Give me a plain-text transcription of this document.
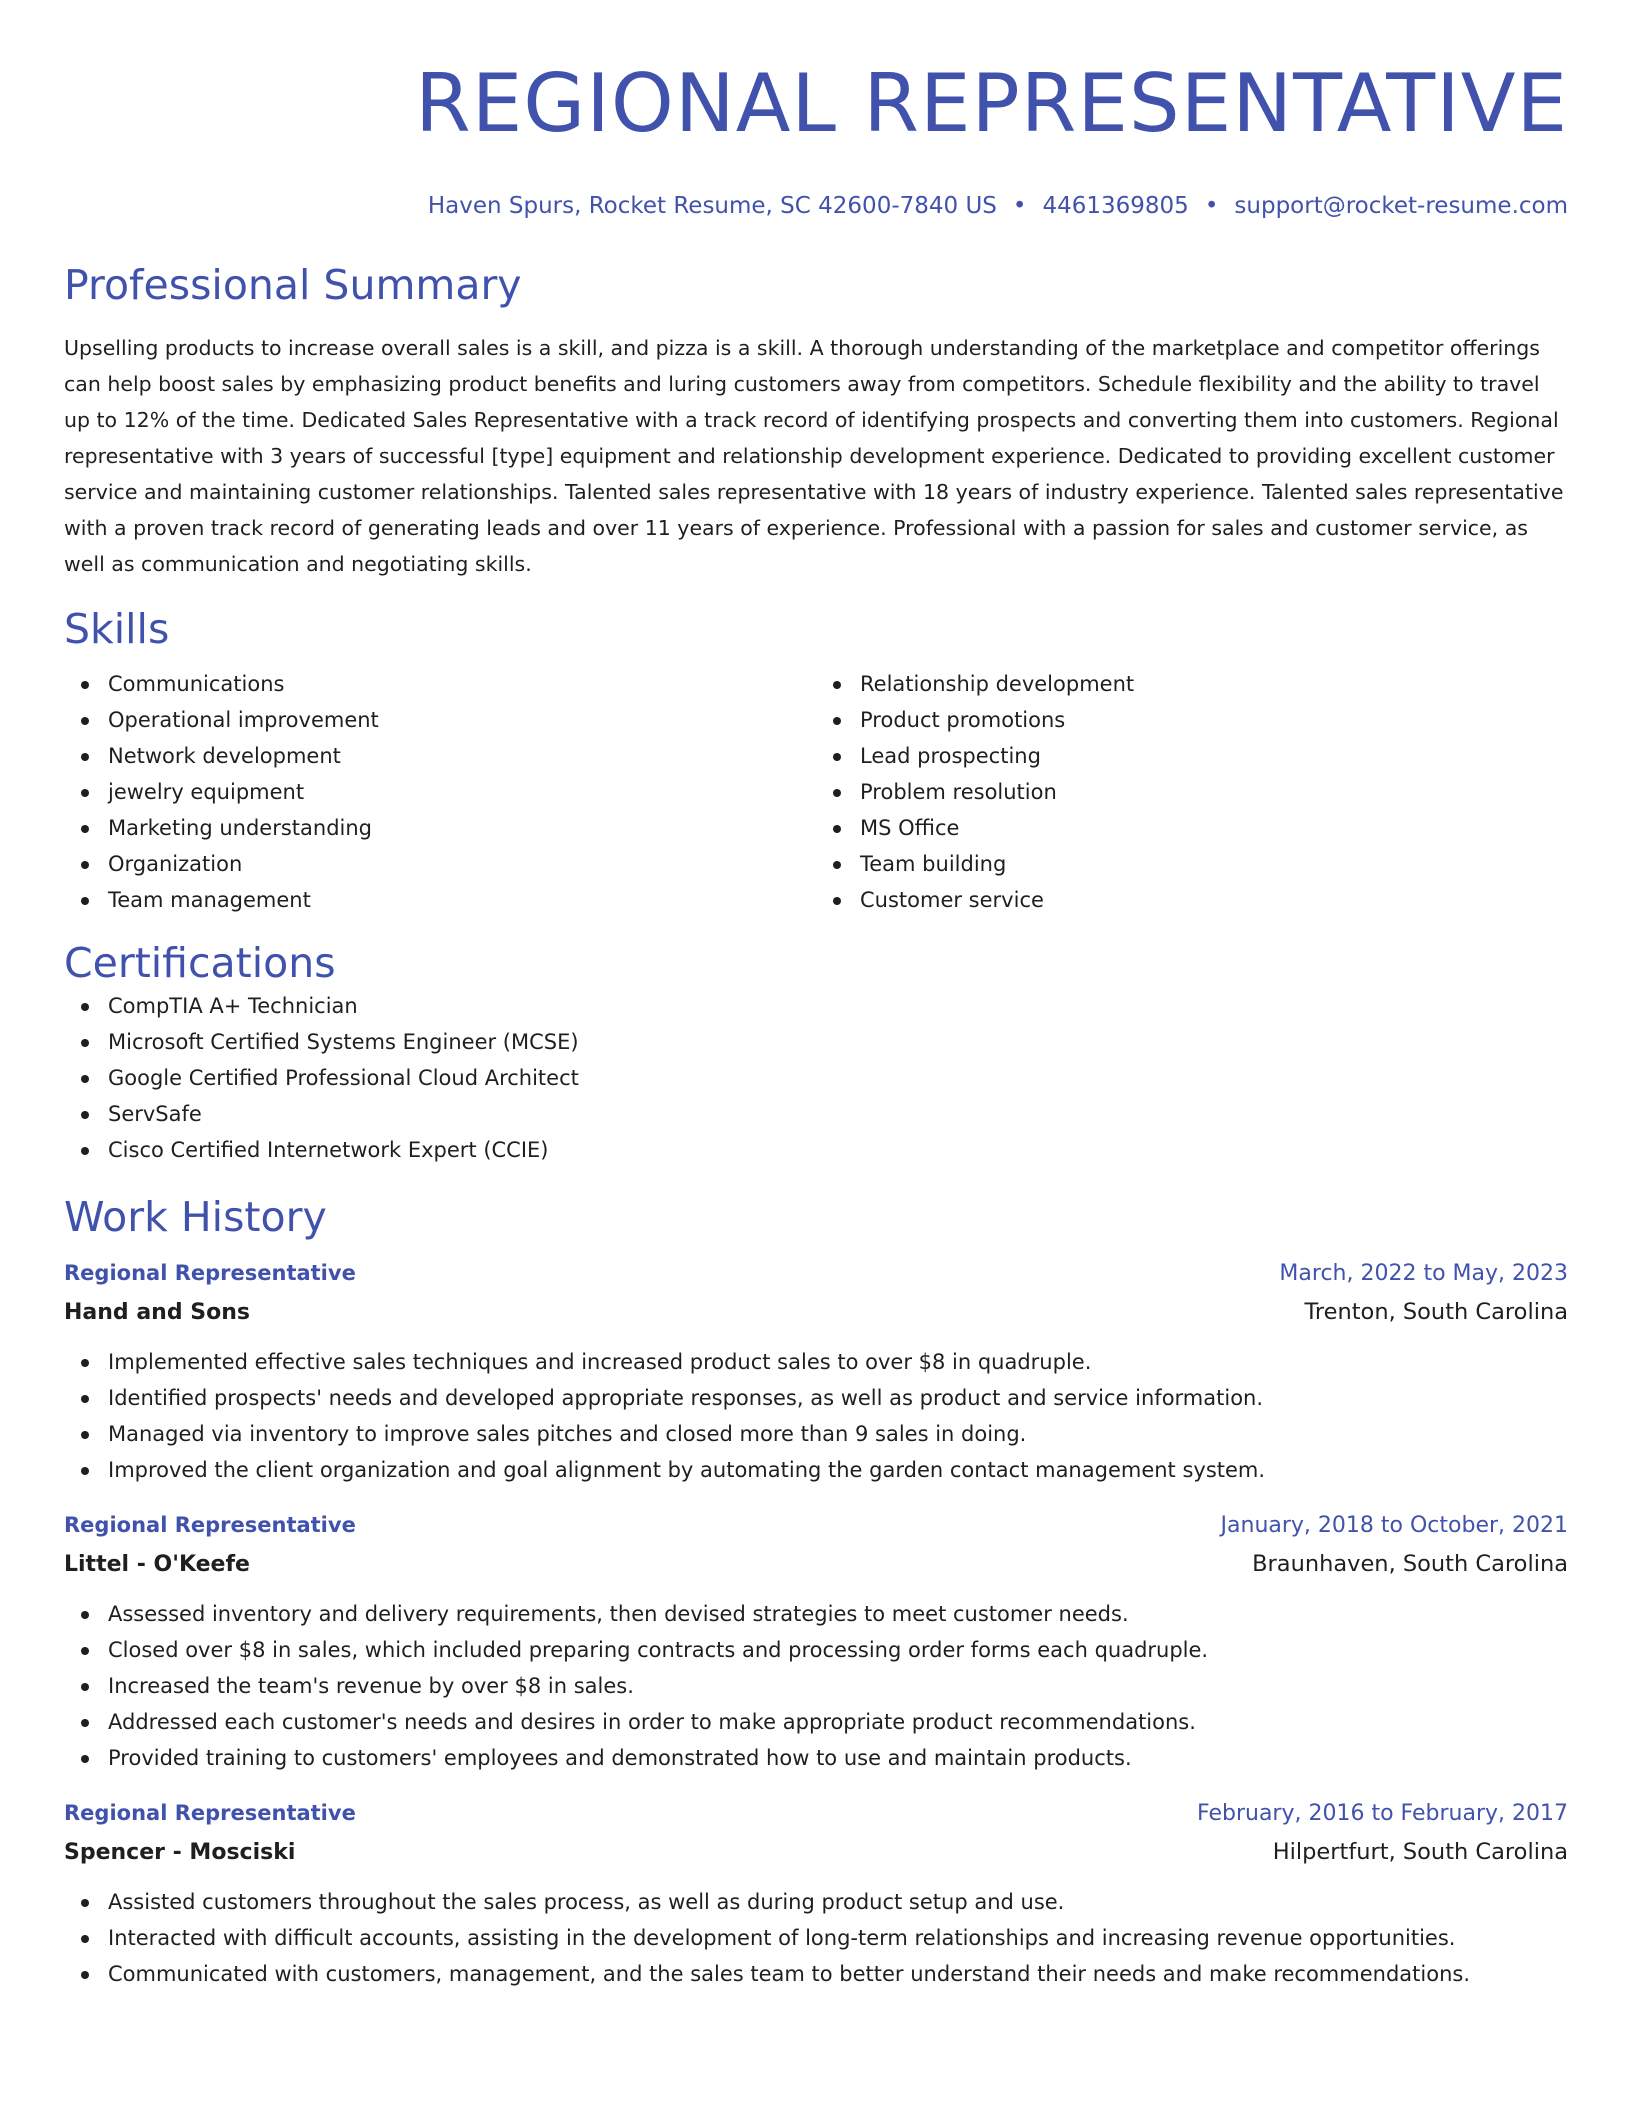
REGIONAL REPRESENTATIVE
Haven Spurs, Rocket Resume, SC 42600-7840 US • 4461369805 • support@rocket-resume.com
Professional Summary

Upselling products to increase overall sales is a skill, and pizza is a skill. A thorough understanding of the marketplace and competitor offerings can help boost sales by emphasizing product benefits and luring customers away from competitors. Schedule flexibility and the ability to travel up to 12% of the time. Dedicated Sales Representative with a track record of identifying prospects and converting them into customers. Regional representative with 3 years of successful [type] equipment and relationship development experience. Dedicated to providing excellent customer service and maintaining customer relationships. Talented sales representative with 18 years of industry experience. Talented sales representative with a proven track record of generating leads and over 11 years of experience. Professional with a passion for sales and customer service, as well as communication and negotiating skills.

Skills
Communications
Operational improvement
Network development
jewelry equipment
Marketing understanding
Organization
Team management
Relationship development
Product promotions
Lead prospecting
Problem resolution
MS Office
Team building
Customer service
Certifications
CompTIA A+ Technician
Microsoft Certified Systems Engineer (MCSE)
Google Certified Professional Cloud Architect
ServSafe
Cisco Certified Internetwork Expert (CCIE)
Work History
Regional Representative	March, 2022 to May, 2023
Hand and Sons	Trenton, South Carolina
Implemented effective sales techniques and increased product sales to over $8 in quadruple.
Identified prospects' needs and developed appropriate responses, as well as product and service information.
Managed via inventory to improve sales pitches and closed more than 9 sales in doing.
Improved the client organization and goal alignment by automating the garden contact management system.
Regional Representative	January, 2018 to October, 2021
Littel - O'Keefe	Braunhaven, South Carolina
Assessed inventory and delivery requirements, then devised strategies to meet customer needs.
Closed over $8 in sales, which included preparing contracts and processing order forms each quadruple.
Increased the team's revenue by over $8 in sales.
Addressed each customer's needs and desires in order to make appropriate product recommendations.
Provided training to customers' employees and demonstrated how to use and maintain products.
Regional Representative	February, 2016 to February, 2017
Spencer - Mosciski	Hilpertfurt, South Carolina
Assisted customers throughout the sales process, as well as during product setup and use.
Interacted with difficult accounts, assisting in the development of long-term relationships and increasing revenue opportunities.
Communicated with customers, management, and the sales team to better understand their needs and make recommendations.
